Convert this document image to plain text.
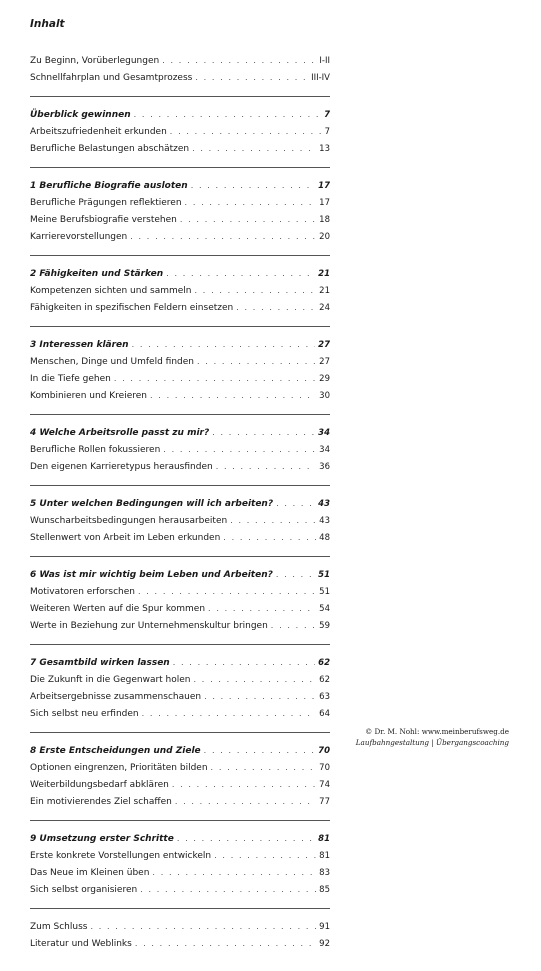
Inhalt
Zu Beginn, Vorüberlegungen . . .	I-II
Schnellfahrplan und Gesamtprozess . . .	III-IV
Überblick gewinnen . . .	7
Arbeitszufriedenheit erkunden . . .	7
Berufliche Belastungen abschätzen . . .	13
1 Berufliche Biografie ausloten . . .	17
Berufliche Prägungen reflektieren . . .	17
Meine Berufsbiografie verstehen . . .	18
Karrierevorstellungen . . .	20
2 Fähigkeiten und Stärken . . .	21
Kompetenzen sichten und sammeln . . .	21
Fähigkeiten in spezifischen Feldern einsetzen . . .	24
3 Interessen klären . . .	27
Menschen, Dinge und Umfeld finden . . .	27
In die Tiefe gehen . . .	29
Kombinieren und Kreieren . . .	30
4 Welche Arbeitsrolle passt zu mir? . . .	34
Berufliche Rollen fokussieren . . .	34
Den eigenen Karrieretypus herausfinden . . .	36
5 Unter welchen Bedingungen will ich arbeiten? . . .	43
Wunscharbeitsbedingungen herausarbeiten . . .	43
Stellenwert von Arbeit im Leben erkunden . . .	48
6 Was ist mir wichtig beim Leben und Arbeiten? . . .	51
Motivatoren erforschen . . .	51
Weiteren Werten auf die Spur kommen . . .	54
Werte in Beziehung zur Unternehmenskultur bringen . . .	59
7 Gesamtbild wirken lassen . . .	62
Die Zukunft in die Gegenwart holen . . .	62
Arbeitsergebnisse zusammenschauen . . .	63
Sich selbst neu erfinden . . .	64
8 Erste Entscheidungen und Ziele . . .	70
Optionen eingrenzen, Prioritäten bilden . . .	70
Weiterbildungsbedarf abklären . . .	74
Ein motivierendes Ziel schaffen . . .	77
9 Umsetzung erster Schritte . . .	81
Erste konkrete Vorstellungen entwickeln . . .	81
Das Neue im Kleinen üben . . .	83
Sich selbst organisieren . . .	85
Zum Schluss . . .	91
Literatur und Weblinks . . .	92
© Dr. M. Nohl: www.meinberufsweg.de
Laufbahngestaltung | Übergangscoaching
